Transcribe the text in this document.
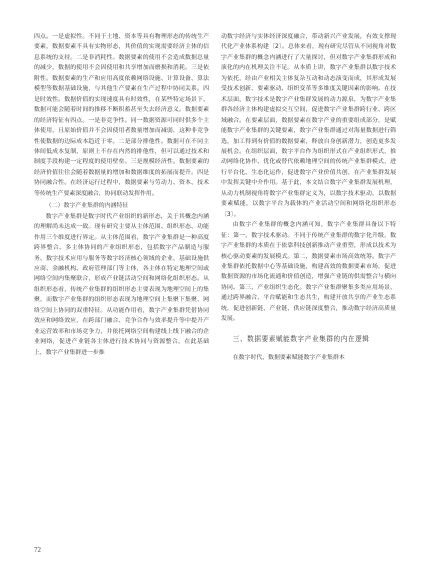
四点。一是虚拟性。不同于土地、资本等具有物理形态的传统生产要素，数据要素不具有实物形态，其价值的实现需要经济主体的信息系统的支持。二是非消耗性。数据要素的使用不会造成数据总量的减少，数据的使用不会因使用和共享增加而磨损和消耗。三是依附性。数据要素的生产和应用高度依赖网络设施、计算设备、算法模型等数据基础设施，与其他生产要素在生产过程中协同关系。四是时效性。数据价值的实现速度具有时效性，在某些特定场景下，数据可能会随着时间的推移不断积蓄甚至失去经济意义。数据要素的经济特征有四点。一是非竞争性。同一数据资源可同时供多个主体使用，且原始价值并不会因使用者数量增加而减弱，这种非竞争性使数据的边际成本趋近于零。二是部分排他性。数据可在不同主体间低成本复制，原则上不存在内然的排他性，但可以通过技术和制度手段构建一定程度的使用壁垒。三是规模经济性。数据要素的经济价值往往会随着数据量的增加和数据维度的拓展而提升。四是协同融合性。在经济运行过程中，数据要素与劳动力、资本、技术等传统生产要素深度融合，协同联动发挥作用。

（二）数字产业集群的内涵特征

数字产业集群是数字时代产业组织的新形态，关于其概念内涵的理解尚未达成一致。现有研究主要从主体范围、组织形态、功能作用三个维度进行界定。从主体范围看，数字产业集群是一种高度跨界整合、多主体协同的产业组织形态，包括数字产品制造与服务、数字技术应用与服务等数字经济核心领域的企业、基础设施供应商、金融机构、政府管理部门等主体，各主体在特定地理空间或网络空间内集聚联合，形成产业链活动空间和网络化组织形态。从组织形态看，传统产业集群的组织形态主要表现为地理空间上的集聚，而数字产业集群的组织形态表现为地理空间上集聚下集聚、网络空间上协同的双重特征。从功能作用看，数字产业集群凭借协同效应和网络效应，在跨部门融合、竞争合作与效率提升等中提升产业运营效率和市场竞争力，并依托网络空间构建线上线下融合的企业网络，促进产业链各主体进行技术协同与资源整合，在此基础上，数字产业集群进一步推

动数字经济与实体经济深度融合，带动新兴产业发展，有效支撑现代化产业体系构建〔2〕。总体来看，现有研究尽管从不同视角对数字产业集群的概念内涵进行了大量探讨，但对数字产业集群形成和演化的内在机理关注不足。从本质上讲，数字产业集群以数字技术为依托，经由产业相关主体复杂互动和动态演变而成，其形成发展受技术创新、要素驱动、组织变革等多维度关键因素的影响。在技术层面，数字技术是数字产业集群发展的动力源泉，为数字产业集群各经济主体构建虚拟交互空间，促进数字产业集群跨行业、跨区域融合。在要素层面，数据要素在数字产业的重要组成部分，是赋能数字产业集群的关键要素，数字产业集群通过对海量数据进行筛选，加工得到有价值的数据要素，释放自身创新潜力，创造更多发展机会。在组织层面，数字平台作为组织形式在产业组织形式，推动网络化协作、优化或替代依赖地理空间的传统产业集群模式，进行平台化、生态化运作，促进数字产业价值共创，在产业集群发展中发挥关键中介作用。基于此，本文结合数字产业集群发展机理，从动力机制视角将数字产业集群定义为，以数字技术驱动，以数据要素赋能，以数字平台为载体的产业活动空间和网络化组织形态〔3〕。

由数字产业集群的概念内涵可知，数字产业集群具备以下特征：第一，数字技术驱动。不同于传统产业集群的数字化升级，数字产业集群的本质在于依靠科技创新推动产业重塑，形成以技术为核心驱动要素的发展模式。第二，数据要素市场高效统筹。数字产业集群依托数据中心等基础设施，构建高效的数据要素市场，促进数据资源的市场化流通和价值创造，增强产业链的供需整合与横向协同。第三，产业组织生态化。数字产业集群聚集多类应用场景，通过跨界融合、平台赋能和生态共生，构建开放共享的产业生态系统，促进创新链、产业链、供应链深度整合，推动数字经济高质量发展。

三、数据要素赋能数字产业集群的内在逻辑

在数字时代，数据要素赋能数字产业集群本

72
